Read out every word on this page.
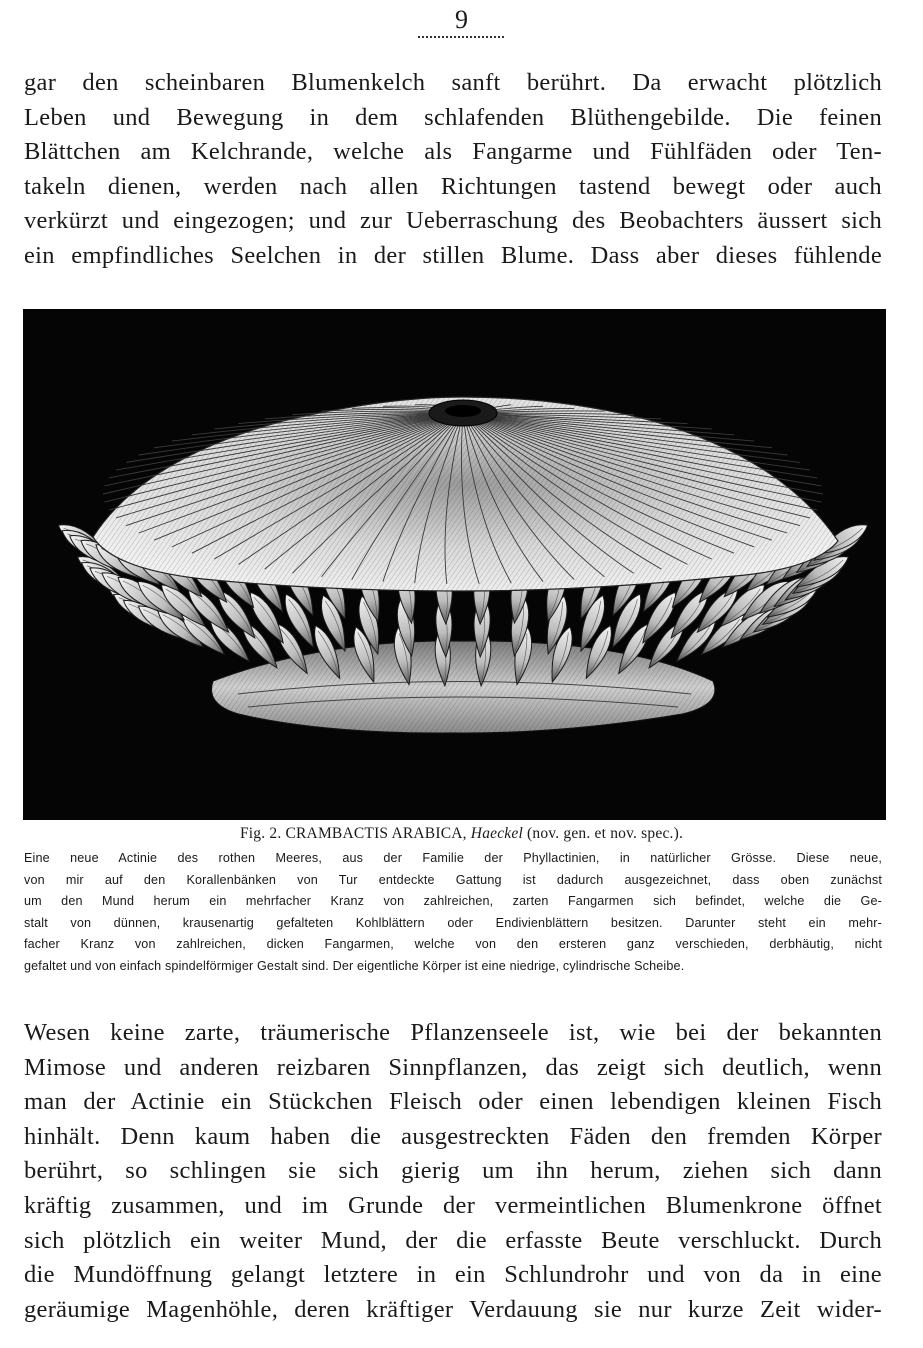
9

gar den scheinbaren Blumenkelch sanft berührt. Da erwacht plötzlich
Leben und Bewegung in dem schlafenden Blüthengebilde. Die feinen
Blättchen am Kelchrande, welche als Fangarme und Fühlfäden oder Ten-
takeln dienen, werden nach allen Richtungen tastend bewegt oder auch
verkürzt und eingezogen; und zur Ueberraschung des Beobachters äussert sich
ein empfindliches Seelchen in der stillen Blume. Dass aber dieses fühlende

Fig. 2. CRAMBACTIS ARABICA, Haeckel (nov. gen. et nov. spec.).
Eine neue Actinie des rothen Meeres, aus der Familie der Phyllactinien, in natürlicher Grösse. Diese neue,
von mir auf den Korallenbänken von Tur entdeckte Gattung ist dadurch ausgezeichnet, dass oben zunächst
um den Mund herum ein mehrfacher Kranz von zahlreichen, zarten Fangarmen sich befindet, welche die Ge-
stalt von dünnen, krausenartig gefalteten Kohlblättern oder Endivienblättern besitzen. Darunter steht ein mehr-
facher Kranz von zahlreichen, dicken Fangarmen, welche von den ersteren ganz verschieden, derbhäutig, nicht
gefaltet und von einfach spindelförmiger Gestalt sind. Der eigentliche Körper ist eine niedrige, cylindrische Scheibe.

Wesen keine zarte, träumerische Pflanzenseele ist, wie bei der bekannten
Mimose und anderen reizbaren Sinnpflanzen, das zeigt sich deutlich, wenn
man der Actinie ein Stückchen Fleisch oder einen lebendigen kleinen Fisch
hinhält. Denn kaum haben die ausgestreckten Fäden den fremden Körper
berührt, so schlingen sie sich gierig um ihn herum, ziehen sich dann
kräftig zusammen, und im Grunde der vermeintlichen Blumenkrone öffnet
sich plötzlich ein weiter Mund, der die erfasste Beute verschluckt. Durch
die Mundöffnung gelangt letztere in ein Schlundrohr und von da in eine
geräumige Magenhöhle, deren kräftiger Verdauung sie nur kurze Zeit wider-
